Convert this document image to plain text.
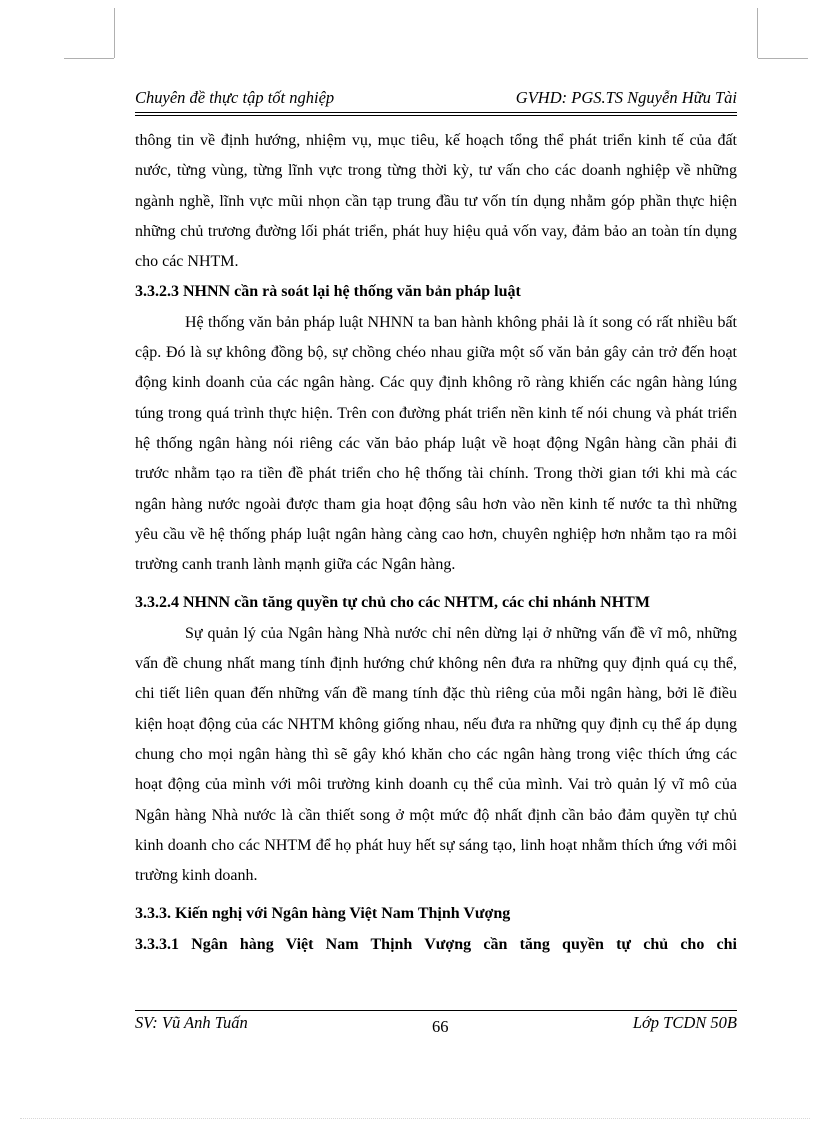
Chuyên đề thực tập tốt nghiệp	GVHD: PGS.TS Nguyễn Hữu Tài

thông tin về định hướng, nhiệm vụ, mục tiêu, kế hoạch tổng thể phát triển kinh tế của đất nước, từng vùng, từng lĩnh vực trong từng thời kỳ, tư vấn cho các doanh nghiệp về những ngành nghề, lĩnh vực mũi nhọn cần tạp trung đầu tư vốn tín dụng nhằm góp phần thực hiện những chủ trương đường lối phát triển, phát huy hiệu quả vốn vay, đảm bảo an toàn tín dụng cho các NHTM.

3.3.2.3 NHNN cần rà soát lại hệ thống văn bản pháp luật

Hệ thống văn bản pháp luật NHNN ta ban hành không phải là ít song có rất nhiều bất cập. Đó là sự không đồng bộ, sự chồng chéo nhau giữa một số văn bản gây cản trở đến hoạt động kinh doanh của các ngân hàng. Các quy định không rõ ràng khiến các ngân hàng lúng túng trong quá trình thực hiện. Trên con đường phát triển nền kinh tế nói chung và phát triển hệ thống ngân hàng nói riêng các văn bảo pháp luật về hoạt động Ngân hàng cần phải đi trước nhằm tạo ra tiền đề phát triển cho hệ thống tài chính. Trong thời gian tới khi mà các ngân hàng nước ngoài được tham gia hoạt động sâu hơn vào nền kinh tế nước ta thì những yêu cầu về hệ thống pháp luật ngân hàng càng cao hơn, chuyên nghiệp hơn nhằm tạo ra môi trường canh tranh lành mạnh giữa các Ngân hàng.

3.3.2.4 NHNN cần tăng quyền tự chủ cho các NHTM, các chi nhánh NHTM

Sự quản lý của Ngân hàng Nhà nước chỉ nên dừng lại ở những vấn đề vĩ mô, những vấn đề chung nhất mang tính định hướng chứ không nên đưa ra những quy định quá cụ thể, chi tiết liên quan đến những vấn đề mang tính đặc thù riêng của mỗi ngân hàng, bởi lẽ điều kiện hoạt động của các NHTM không giống nhau, nếu đưa ra những quy định cụ thể áp dụng chung cho mọi ngân hàng thì sẽ gây khó khăn cho các ngân hàng trong việc thích ứng các hoạt động của mình với môi trường kinh doanh cụ thể của mình. Vai trò quản lý vĩ mô của Ngân hàng Nhà nước là cần thiết song ở một mức độ nhất định cần bảo đảm quyền tự chủ kinh doanh cho các NHTM để họ phát huy hết sự sáng tạo, linh hoạt nhằm thích ứng với môi trường kinh doanh.

3.3.3. Kiến nghị với Ngân hàng Việt Nam Thịnh Vượng
3.3.3.1 Ngân hàng Việt Nam Thịnh Vượng cần tăng quyền tự chủ cho chi
SV: Vũ Anh Tuấn	66	Lớp TCDN 50B
